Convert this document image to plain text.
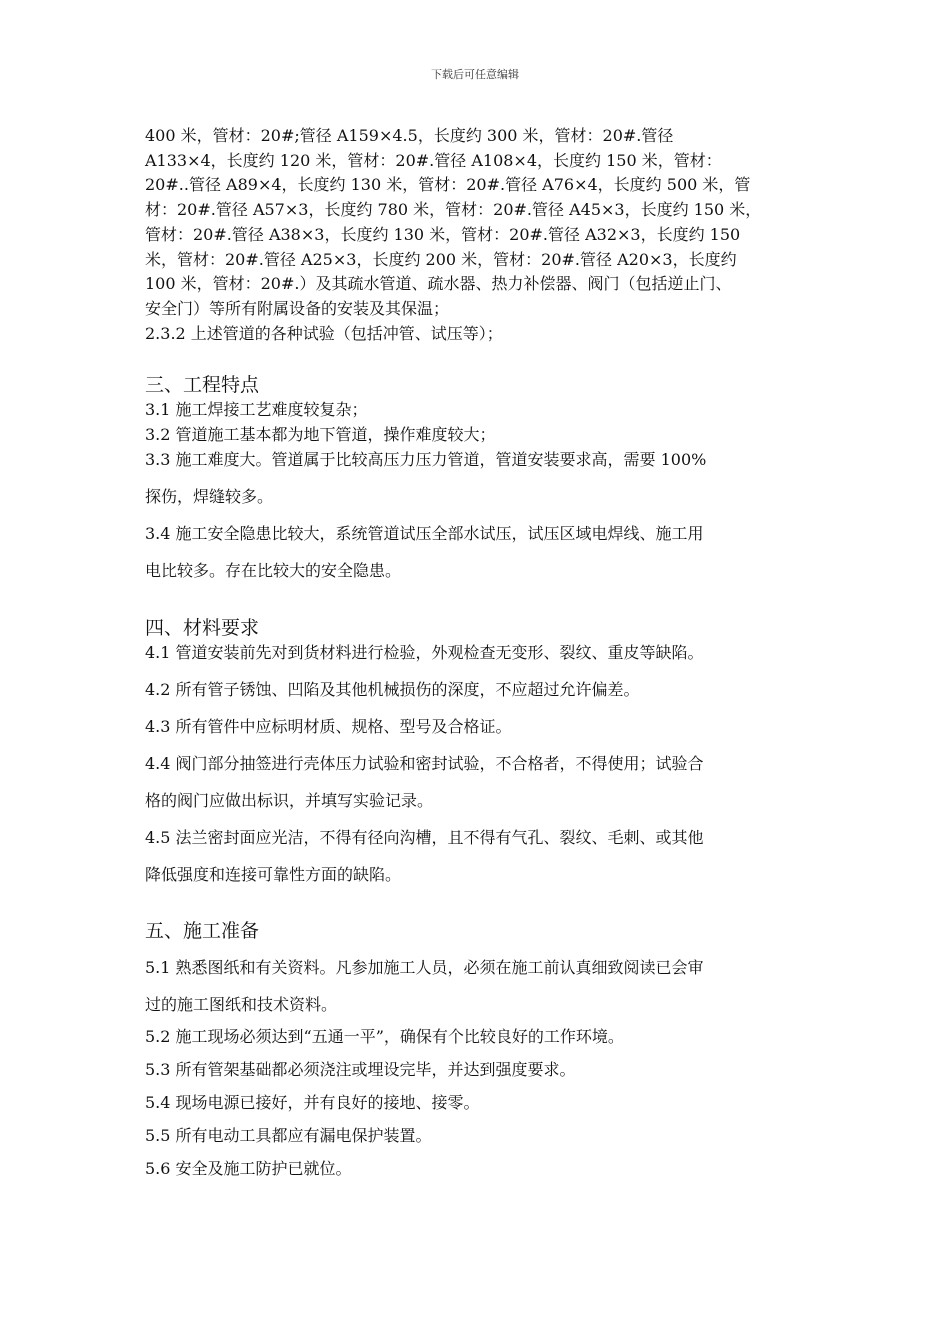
下载后可任意编辑

400 米，管材：20#;管径 A159×4.5，长度约 300 米，管材：20#.管径

A133×4，长度约 120 米，管材：20#.管径 A108×4，长度约 150 米，管材：

20#..管径 A89×4，长度约 130 米，管材：20#.管径 A76×4，长度约 500 米，管

材：20#.管径 A57×3，长度约 780 米，管材：20#.管径 A45×3，长度约 150 米，

管材：20#.管径 A38×3，长度约 130 米，管材：20#.管径 A32×3，长度约 150

米，管材：20#.管径 A25×3，长度约 200 米，管材：20#.管径 A20×3，长度约

100 米，管材：20#.）及其疏水管道、疏水器、热力补偿器、阀门（包括逆止门、

安全门）等所有附属设备的安装及其保温；

2.3.2 上述管道的各种试验（包括冲管、试压等）；

三、工程特点

3.1 施工焊接工艺难度较复杂；

3.2 管道施工基本都为地下管道，操作难度较大；

3.3 施工难度大。管道属于比较高压力压力管道，管道安装要求高，需要 100%

探伤，焊缝较多。

3.4 施工安全隐患比较大，系统管道试压全部水试压，试压区域电焊线、施工用

电比较多。存在比较大的安全隐患。

四、材料要求

4.1 管道安装前先对到货材料进行检验，外观检查无变形、裂纹、重皮等缺陷。

4.2 所有管子锈蚀、凹陷及其他机械损伤的深度，不应超过允许偏差。

4.3 所有管件中应标明材质、规格、型号及合格证。

4.4 阀门部分抽签进行壳体压力试验和密封试验，不合格者，不得使用；试验合

格的阀门应做出标识，并填写实验记录。

4.5 法兰密封面应光洁，不得有径向沟槽，且不得有气孔、裂纹、毛刺、或其他

降低强度和连接可靠性方面的缺陷。

五、施工准备

5.1 熟悉图纸和有关资料。凡参加施工人员，必须在施工前认真细致阅读已会审

过的施工图纸和技术资料。

5.2 施工现场必须达到“五通一平”，确保有个比较良好的工作环境。

5.3 所有管架基础都必须浇注或埋设完毕，并达到强度要求。

5.4 现场电源已接好，并有良好的接地、接零。

5.5 所有电动工具都应有漏电保护装置。

5.6 安全及施工防护已就位。
